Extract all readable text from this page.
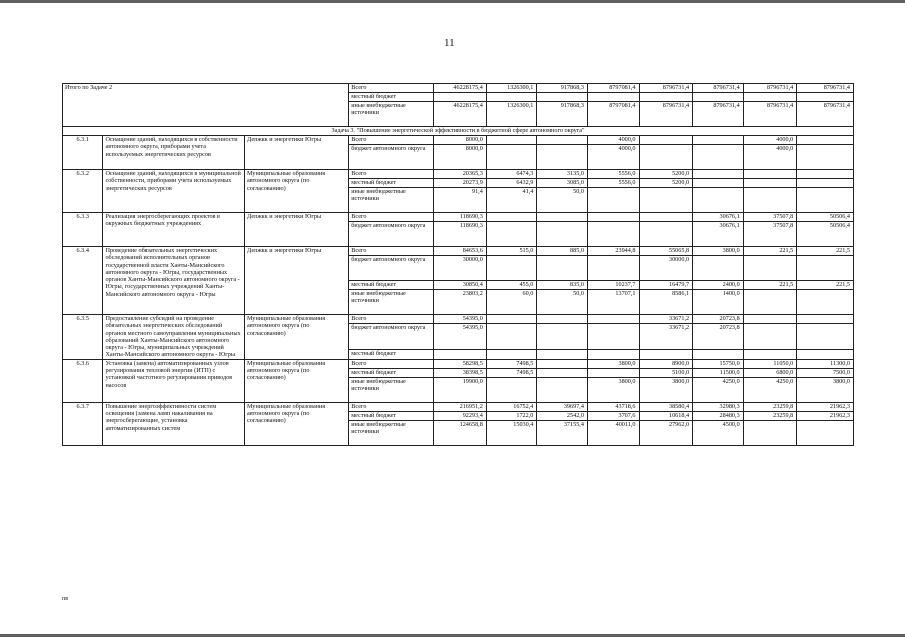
11
Итого по Задаче 2			Всего	46228175,4	1326300,1	917868,3	8797081,4	8796731,4	8796731,4	8796731,4	8796731,4
			местный бюджет								
			иные внебюджетные источники	46228175,4	1326300,1	917868,3	8797081,4	8796731,4	8796731,4	8796731,4	8796731,4
Задача 3. "Повышение энергетической эффективности в бюджетной сфере автономного округа"											
6.3.1	Оснащение зданий, находящихся в собственности автономного округа, приборами учета используемых энергетических ресурсов	Депжкк и энергетики Югры	Всего	8000,0			4000,0			4000,0	
			бюджет автономного округа	8000,0			4000,0			4000,0	
6.3.2	Оснащение зданий, находящихся в муниципальной собственности, приборами учета используемых энергетических ресурсов	Муниципальные образования автономного округа (по согласованию)	Всего	20365,3	6474,3	3135,0	5556,0	5200,0			
			местный бюджет	20273,9	6432,9	3085,0	5556,0	5200,0			
			иные внебюджетные источники	91,4	41,4	50,0					
6.3.3	Реализация энергосберегающих проектов в окружных бюджетных учреждениях	Депжкк и энергетики Югры	Всего	118690,3					30676,1	37507,8	50506,4
			бюджет автономного округа	118690,3					30676,1	37507,8	50506,4
6.3.4	Проведение обязательных энергетических обследований исполнительных органов государственной власти Ханты-Мансийского автономного округа - Югры, государственных органов Ханты-Мансийского автономного округа - Югры, государственных учреждений Ханты-Мансийского автономного округа - Югры	Депжкк и энергетики Югры	Всего	84653,6	515,0	885,0	23944,8	55065,8	3800,0	221,5	221,5
			бюджет автономного округа	30000,0				30000,0			
			местный бюджет	30850,4	455,0	835,0	10237,7	16479,7	2400,0	221,5	221,5
			иные внебюджетные источники	23803,2	60,0	50,0	13707,1	8586,1	1400,0		
6.3.5	Предоставление субсидий на проведение обязательных энергетических обследований органов местного самоуправления муниципальных образований Ханты-Мансийского автономного округа - Югры, муниципальных учреждений Ханты-Мансийского автономного округа - Югры	Муниципальные образования автономного округа (по согласованию)	Всего	54395,0				33671,2	20723,8		
			бюджет автономного округа	54395,0				33671,2	20723,8		
			местный бюджет								
6.3.6	Установка (замена) автоматизированных узлов регулирования тепловой энергии (ИТП) с установкой частотного регулирования приводов насосов	Муниципальные образования автономного округа (по согласованию)	Всего	58298,5	7498,5		3800,0	8900,0	15750,0	11050,0	11300,0
			местный бюджет	38398,5	7498,5			5100,0	11500,0	6800,0	7500,0
			иные внебюджетные источники	19900,0			3800,0	3800,0	4250,0	4250,0	3800,0
6.3.7	Повышение энергоэффективности систем освещения (замена ламп накаливания на энергосберегающие, установка автоматизированных систем	Муниципальные образования автономного округа (по согласованию)	Всего	216951,2	16752,4	39697,4	43718,6	38580,4	32980,3	23259,8	21962,3
			местный бюджет	92293,4	1722,0	2542,0	3707,6	10618,4	28480,3	23259,8	21962,3
			иные внебюджетные источники	124658,8	15030,4	37155,4	40011,0	27962,0	4500,0		
пв
